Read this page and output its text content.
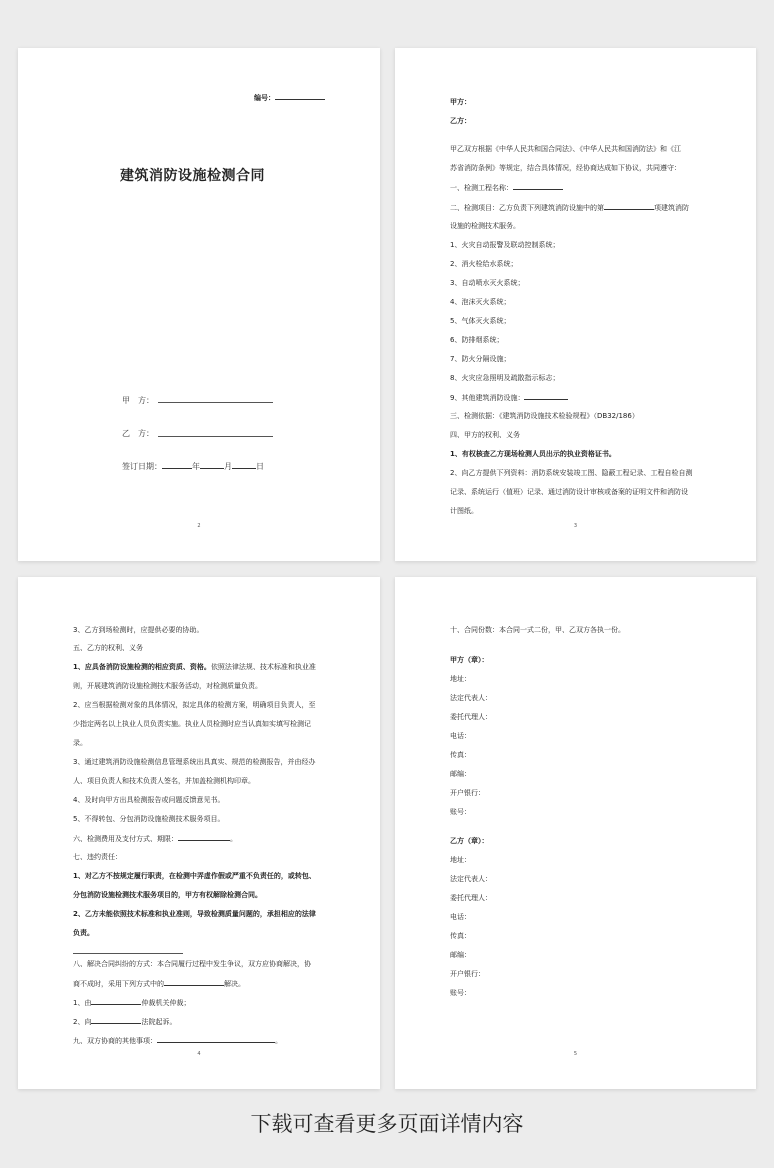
编号：
建筑消防设施检测合同
甲　方：
乙　方：
签订日期：	年	月	日
2
甲方：
乙方：
甲乙双方根据《中华人民共和国合同法》、《中华人民共和国消防法》和《江
苏省消防条例》等规定，结合具体情况，经协商达成如下协议，共同遵守：
一、检测工程名称：
二、检测项目：乙方负责下列建筑消防设施中的第	项建筑消防
设施的检测技术服务。
1、火灾自动报警及联动控制系统；
2、消火栓给水系统；
3、自动喷水灭火系统；
4、泡沫灭火系统；
5、气体灭火系统；
6、防排烟系统；
7、防火分隔设施；
8、火灾应急照明及疏散指示标志；
9、其他建筑消防设施：
三、检测依据：《建筑消防设施技术检验规程》（DB32/186）
四、甲方的权利、义务
1、有权核查乙方现场检测人员出示的执业资格证书。
2、向乙方提供下列资料：消防系统安装竣工图、隐蔽工程记录、工程自检自测
记录、系统运行（值班）记录、通过消防设计审核或备案的证明文件和消防设
计图纸。
3
3、乙方到场检测时，应提供必要的协助。
五、乙方的权利、义务
1、应具备消防设施检测的相应资质、资格。依照法律法规、技术标准和执业准
则，开展建筑消防设施检测技术服务活动，对检测质量负责。
2、应当根据检测对象的具体情况，拟定具体的检测方案，明确项目负责人，至
少指定两名以上执业人员负责实施。执业人员检测时应当认真如实填写检测记
录。
3、通过建筑消防设施检测信息管理系统出具真实、规范的检测报告，并由经办
人、项目负责人和技术负责人签名，并加盖检测机构印章。
4、及时向甲方出具检测报告或问题反馈意见书。
5、不得转包、分包消防设施检测技术服务项目。
六、检测费用及支付方式、期限：	。
七、违约责任：
1、对乙方不按规定履行职责，在检测中弄虚作假或严重不负责任的，或转包、
分包消防设施检测技术服务项目的，甲方有权解除检测合同。
2、乙方未能依照技术标准和执业准则，导致检测质量问题的，承担相应的法律
负责。
八、解决合同纠纷的方式：本合同履行过程中发生争议，双方应协商解决，协
商不成时，采用下列方式中的	解决。
1、由	仲裁机关仲裁；
2、向	法院起诉。
九、双方协商的其他事项：	。
4
十、合同份数：本合同一式二份，甲、乙双方各执一份。
甲方（章）：
地址：
法定代表人：
委托代理人：
电话：
传真：
邮编：
开户银行：
账号：
乙方（章）：
地址：
法定代表人：
委托代理人：
电话：
传真：
邮编：
开户银行：
账号：
5
下载可查看更多页面详情内容
